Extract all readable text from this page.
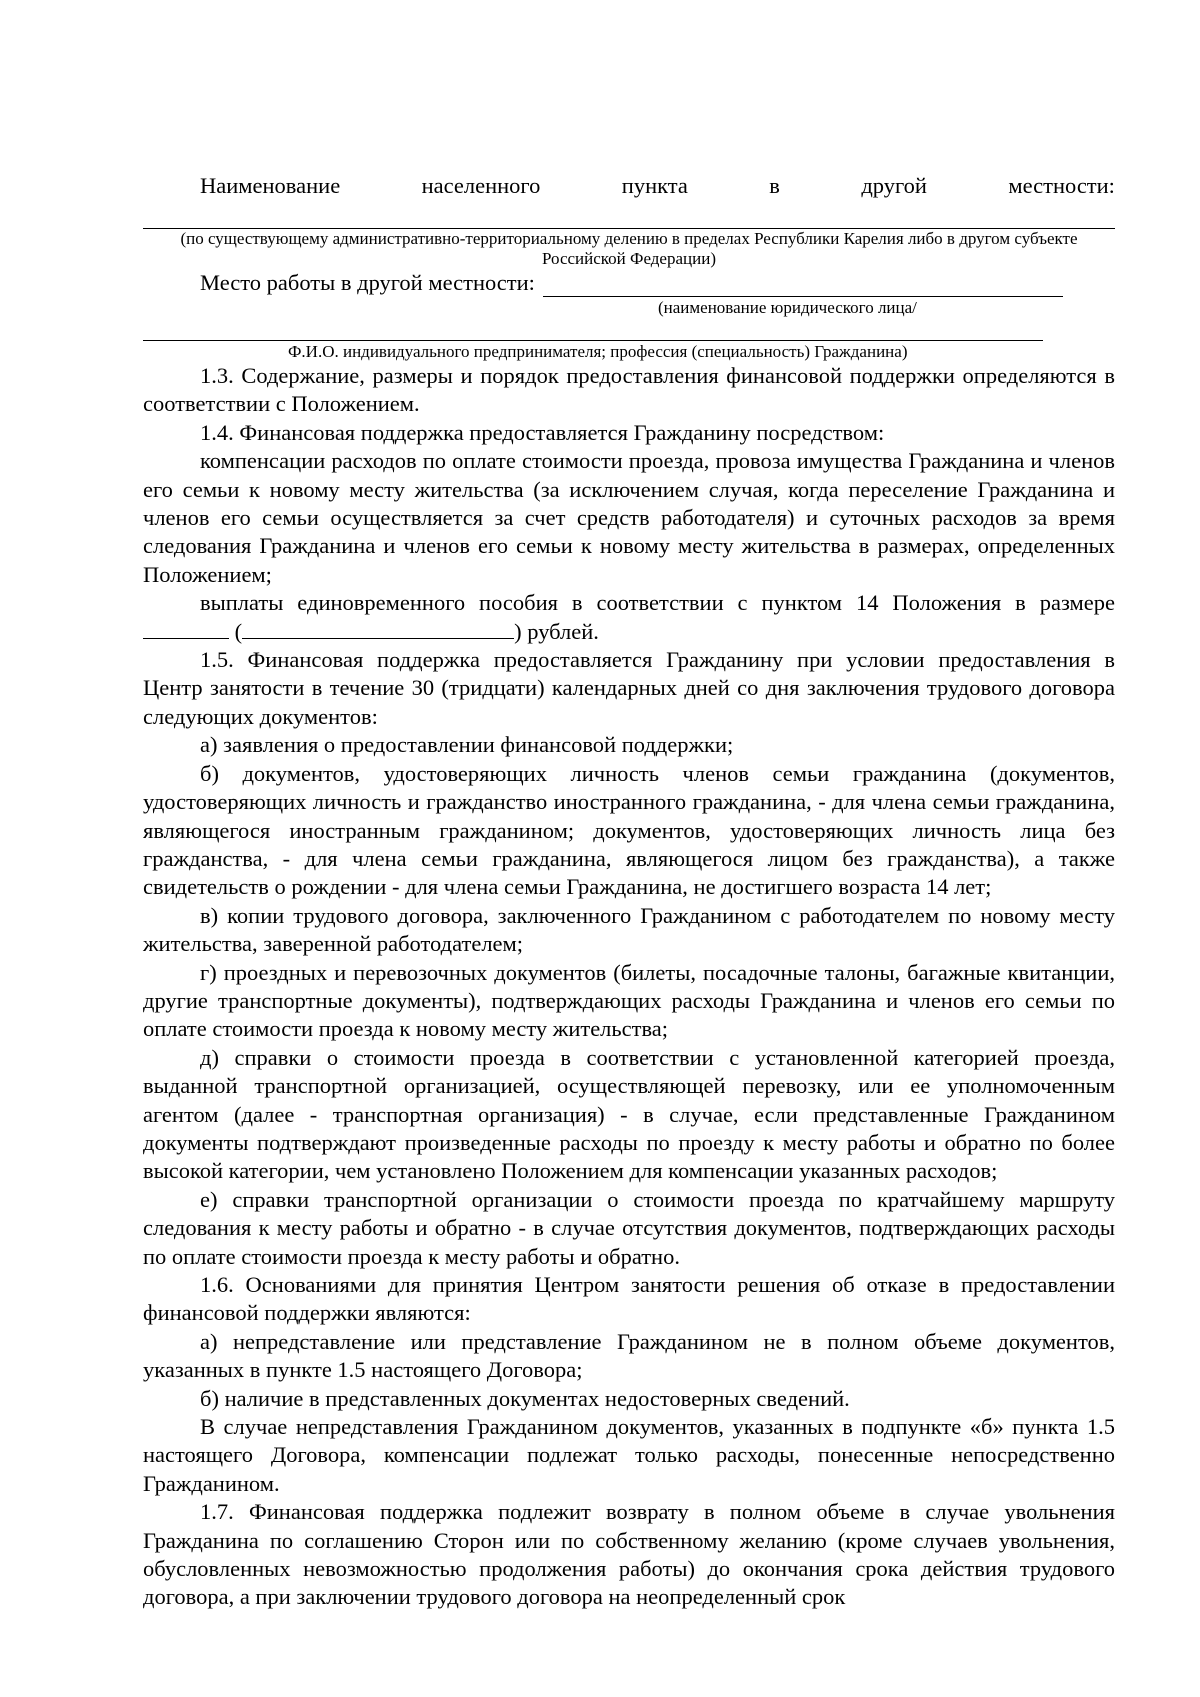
Наименование	населенного	пункта	в	другой	местности:
(по существующему административно-территориальному делению в пределах Республики Карелия либо в другом субъекте Российской Федерации)
Место работы в другой местности:
(наименование юридического лица/
Ф.И.О. индивидуального предпринимателя; профессия (специальность) Гражданина)

1.3. Содержание, размеры и порядок предоставления финансовой поддержки определяются в соответствии с Положением.

1.4. Финансовая поддержка предоставляется Гражданину посредством:

компенсации расходов по оплате стоимости проезда, провоза имущества Гражданина и членов его семьи к новому месту жительства (за исключением случая, когда переселение Гражданина и членов его семьи осуществляется за счет средств работодателя) и суточных расходов за время следования Гражданина и членов его семьи к новому месту жительства в размерах, определенных Положением;

выплаты единовременного пособия в соответствии с пунктом 14 Положения в размере  (	) рублей.

1.5. Финансовая поддержка предоставляется Гражданину при условии предоставления в Центр занятости в течение 30 (тридцати) календарных дней со дня заключения трудового договора следующих документов:

а) заявления о предоставлении финансовой поддержки;

б) документов, удостоверяющих личность членов семьи гражданина (документов, удостоверяющих личность и гражданство иностранного гражданина, - для члена семьи гражданина, являющегося иностранным гражданином; документов, удостоверяющих личность лица без гражданства, - для члена семьи гражданина, являющегося лицом без гражданства), а также свидетельств о рождении - для члена семьи Гражданина, не достигшего возраста 14 лет;

в) копии трудового договора, заключенного Гражданином с работодателем по новому месту жительства, заверенной работодателем;

г) проездных и перевозочных документов (билеты, посадочные талоны, багажные квитанции, другие транспортные документы), подтверждающих расходы Гражданина и членов его семьи по оплате стоимости проезда к новому месту жительства;

д) справки о стоимости проезда в соответствии с установленной категорией проезда, выданной транспортной организацией, осуществляющей перевозку, или ее уполномоченным агентом (далее - транспортная организация) - в случае, если представленные Гражданином документы подтверждают произведенные расходы по проезду к месту работы и обратно по более высокой категории, чем установлено Положением для компенсации указанных расходов;

е) справки транспортной организации о стоимости проезда по кратчайшему маршруту следования к месту работы и обратно - в случае отсутствия документов, подтверждающих расходы по оплате стоимости проезда к месту работы и обратно.

1.6. Основаниями для принятия Центром занятости решения об отказе в предоставлении финансовой поддержки являются:

а) непредставление или представление Гражданином не в полном объеме документов, указанных в пункте 1.5 настоящего Договора;

б) наличие в представленных документах недостоверных сведений.

В случае непредставления Гражданином документов, указанных в подпункте «б» пункта 1.5 настоящего Договора, компенсации подлежат только расходы, понесенные непосредственно Гражданином.

1.7. Финансовая поддержка подлежит возврату в полном объеме в случае увольнения Гражданина по соглашению Сторон или по собственному желанию (кроме случаев увольнения, обусловленных невозможностью продолжения работы) до окончания срока действия трудового договора, а при заключении трудового договора на неопределенный срок
